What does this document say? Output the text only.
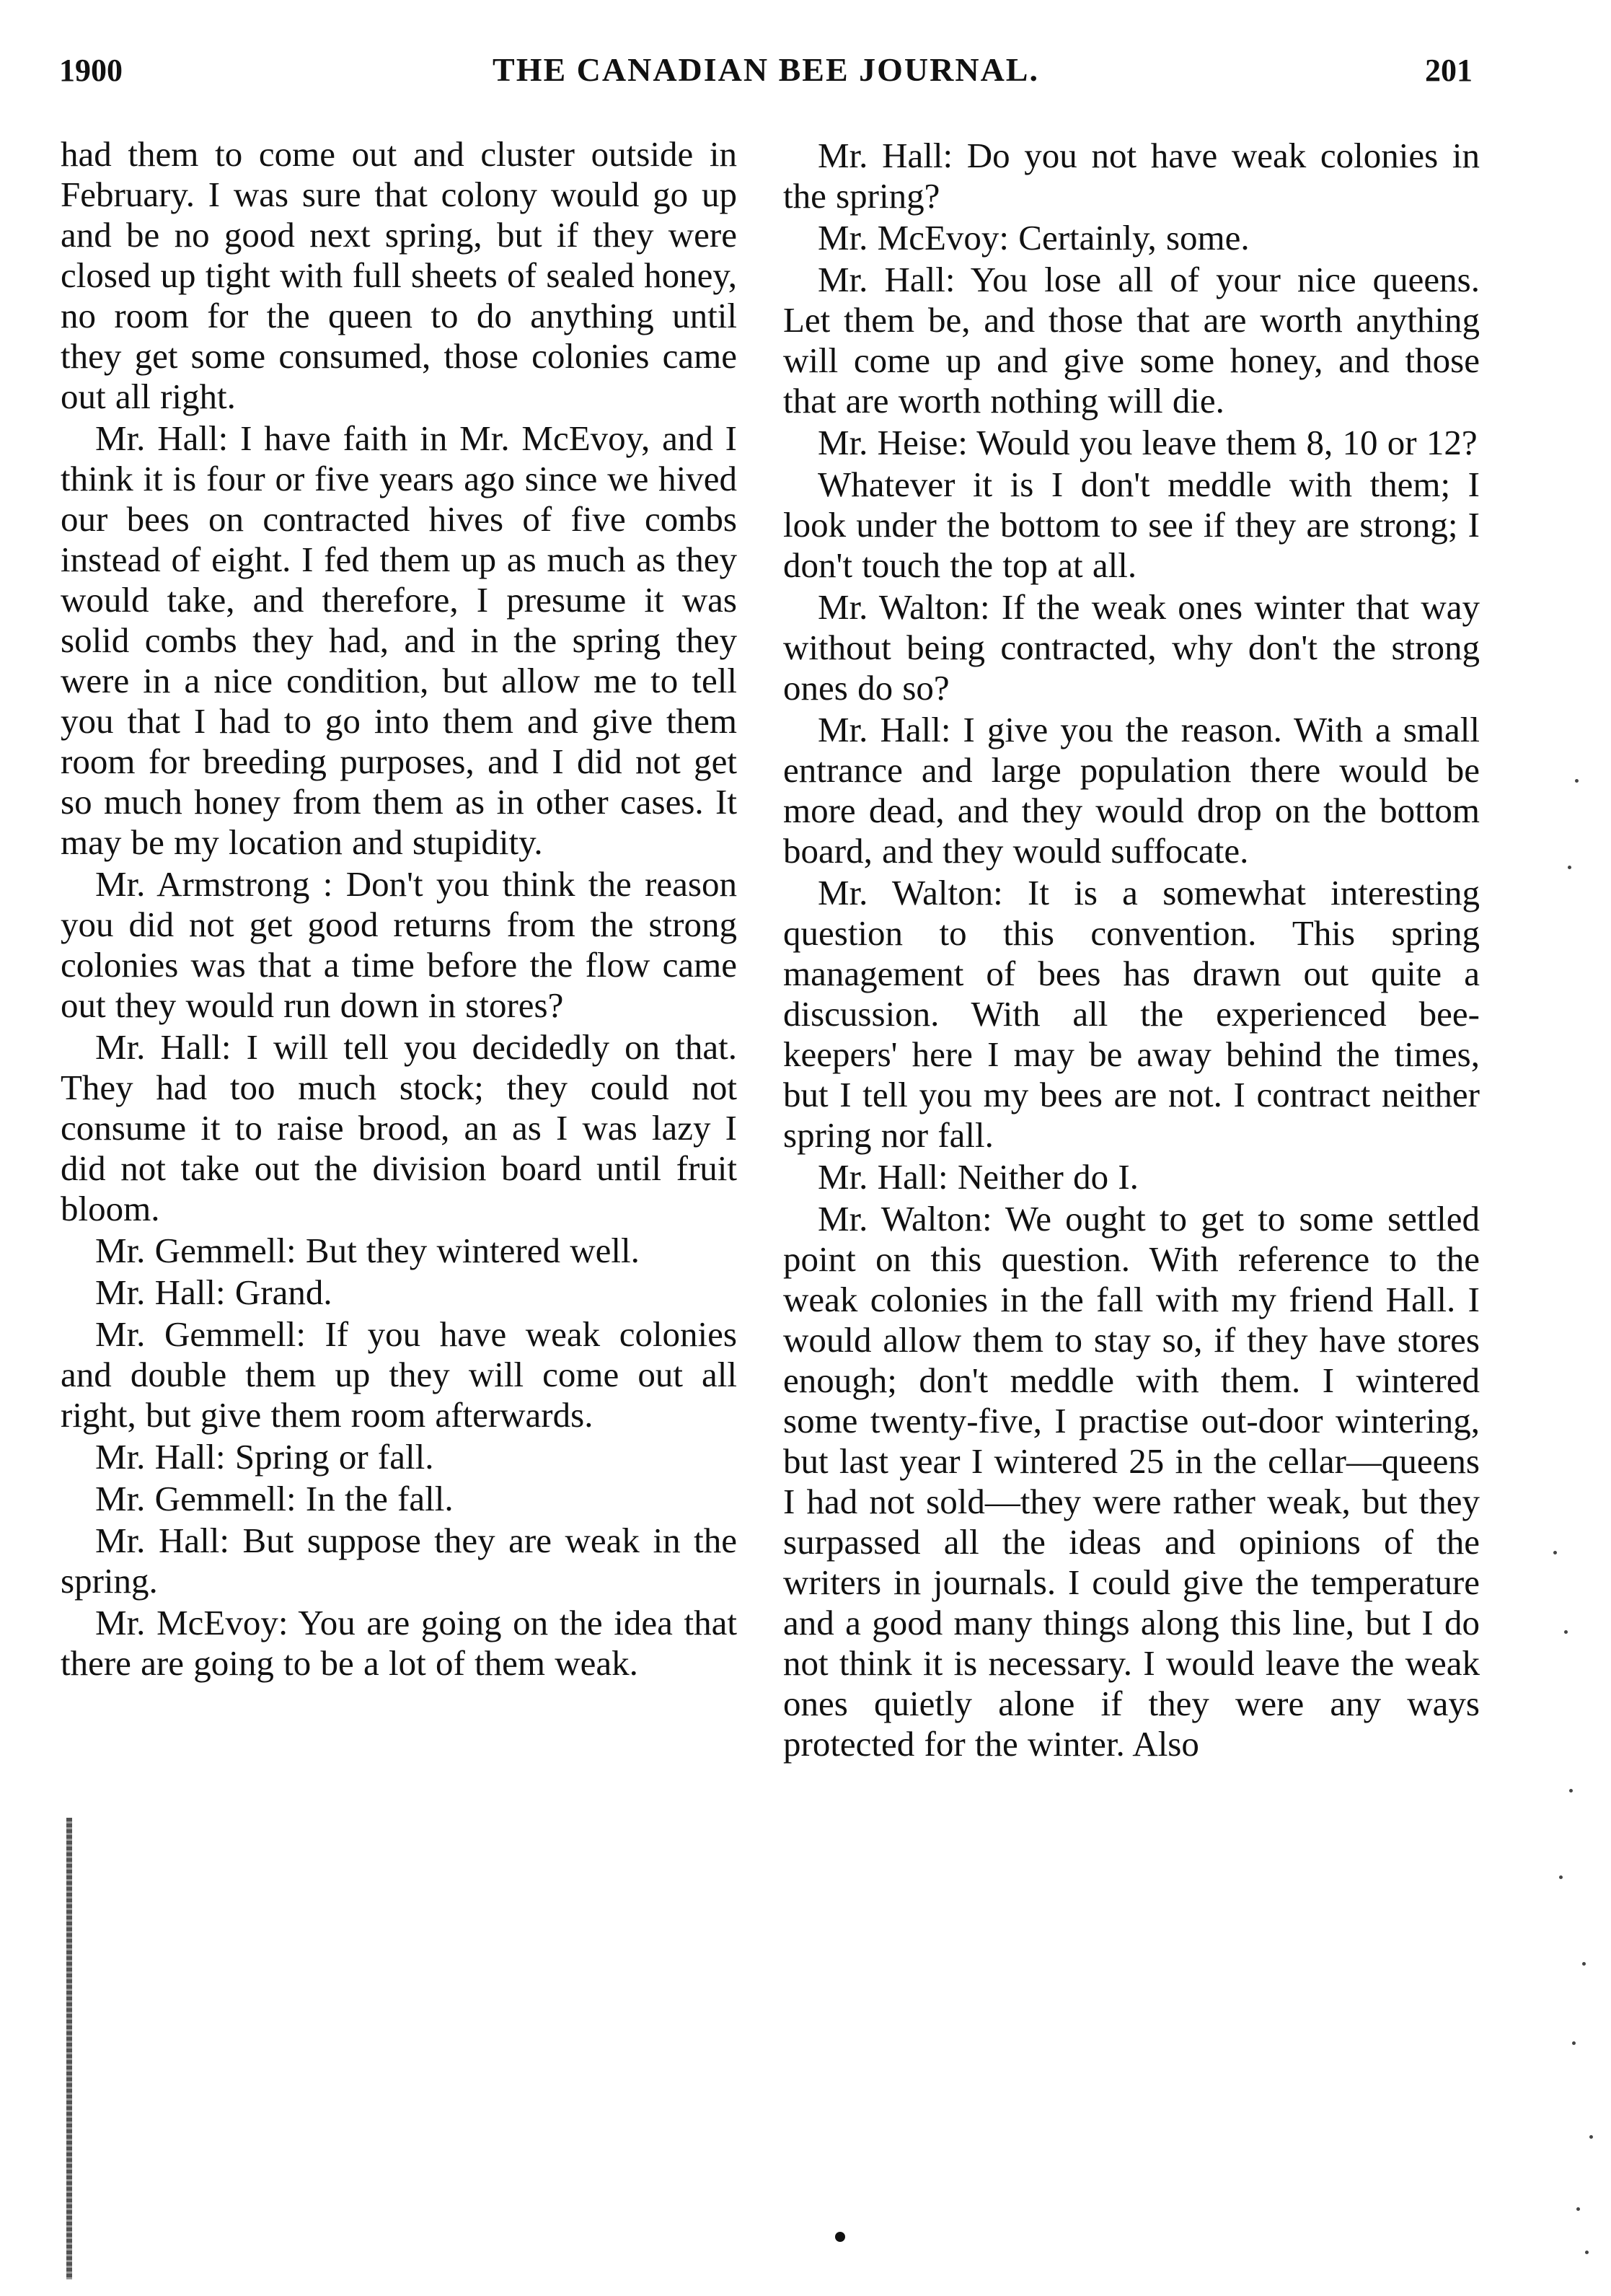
1900	THE CANADIAN BEE JOURNAL.	201

had them to come out and cluster outside in February. I was sure that colony would go up and be no good next spring, but if they were closed up tight with full sheets of sealed honey, no room for the queen to do anything until they get some consumed, those colonies came out all right.

Mr. Hall: I have faith in Mr. McEvoy, and I think it is four or five years ago since we hived our bees on contracted hives of five combs instead of eight. I fed them up as much as they would take, and therefore, I presume it was solid combs they had, and in the spring they were in a nice condition, but allow me to tell you that I had to go into them and give them room for breeding purposes, and I did not get so much honey from them as in other cases. It may be my location and stupidity.

Mr. Armstrong : Don't you think the reason you did not get good returns from the strong colonies was that a time before the flow came out they would run down in stores?

Mr. Hall: I will tell you decidedly on that. They had too much stock; they could not consume it to raise brood, an as I was lazy I did not take out the division board until fruit bloom.

Mr. Gemmell: But they wintered well.

Mr. Hall: Grand.

Mr. Gemmell: If you have weak colonies and double them up they will come out all right, but give them room afterwards.

Mr. Hall: Spring or fall.

Mr. Gemmell: In the fall.

Mr. Hall: But suppose they are weak in the spring.

Mr. McEvoy: You are going on the idea that there are going to be a lot of them weak.

Mr. Hall: Do you not have weak colonies in the spring?

Mr. McEvoy: Certainly, some.

Mr. Hall: You lose all of your nice queens. Let them be, and those that are worth anything will come up and give some honey, and those that are worth nothing will die.

Mr. Heise: Would you leave them 8, 10 or 12?

Whatever it is I don't meddle with them; I look under the bottom to see if they are strong; I don't touch the top at all.

Mr. Walton: If the weak ones winter that way without being contracted, why don't the strong ones do so?

Mr. Hall: I give you the reason. With a small entrance and large population there would be more dead, and they would drop on the bottom board, and they would suffocate.

Mr. Walton: It is a somewhat interesting question to this convention. This spring management of bees has drawn out quite a discussion. With all the experienced bee-keepers' here I may be away behind the times, but I tell you my bees are not. I contract neither spring nor fall.

Mr. Hall: Neither do I.

Mr. Walton: We ought to get to some settled point on this question. With reference to the weak colonies in the fall with my friend Hall. I would allow them to stay so, if they have stores enough; don't meddle with them. I wintered some twenty-five, I practise out-door wintering, but last year I wintered 25 in the cellar—queens I had not sold—they were rather weak, but they surpassed all the ideas and opinions of the writers in journals. I could give the temperature and a good many things along this line, but I do not think it is necessary. I would leave the weak ones quietly alone if they were any ways protected for the winter. Also
